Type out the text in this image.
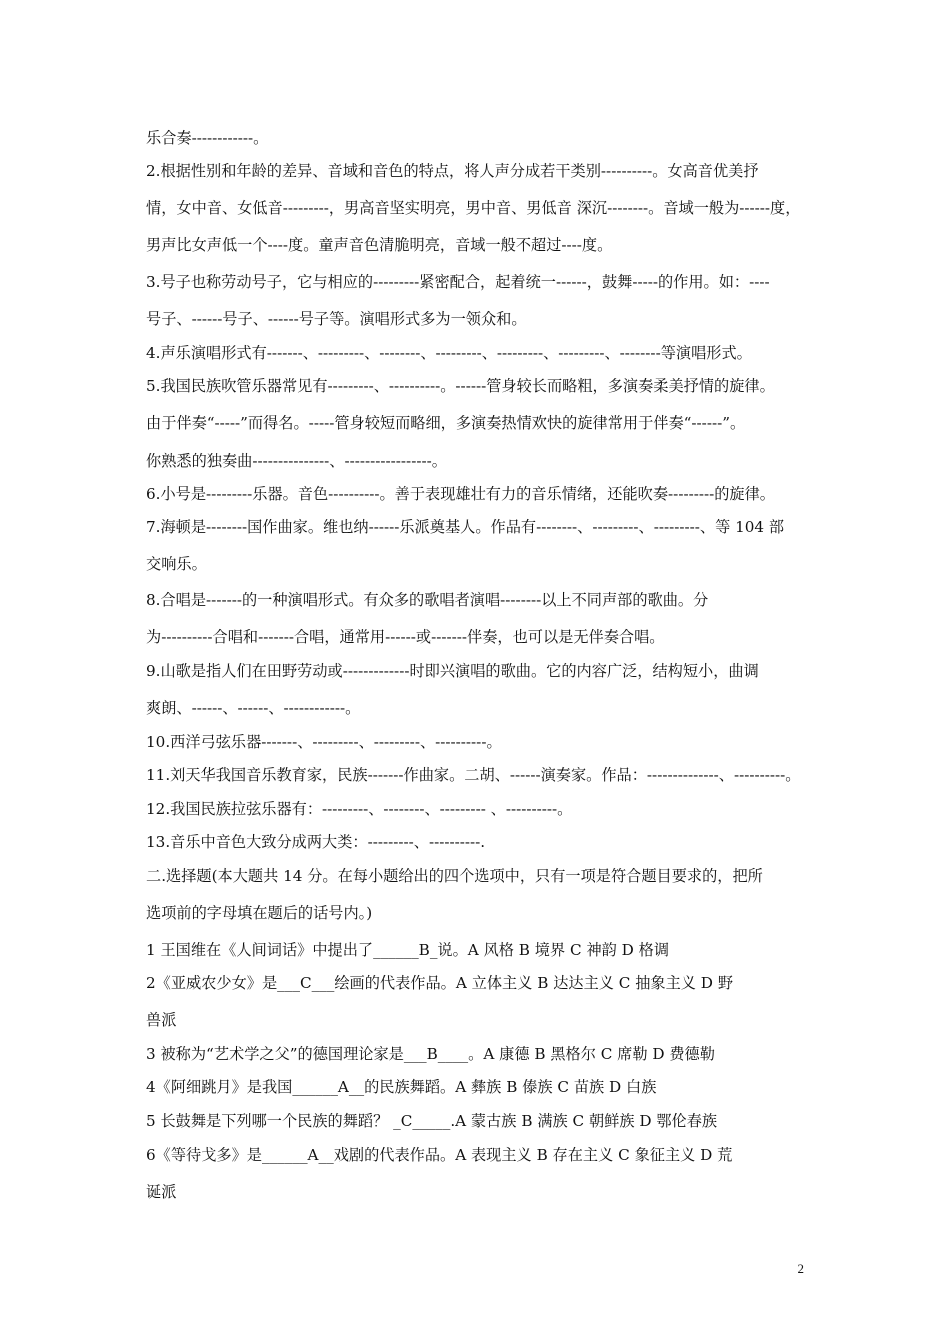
乐合奏------------。
2.根据性别和年龄的差异、音域和音色的特点，将人声分成若干类别----------。女高音优美抒
情，女中音、女低音---------，男高音坚实明亮，男中音、男低音 深沉--------。音域一般为------度，
男声比女声低一个----度。童声音色清脆明亮，音域一般不超过----度。
3.号子也称劳动号子，它与相应的---------紧密配合，起着统一------，鼓舞-----的作用。如：----
号子、------号子、------号子等。演唱形式多为一领众和。
4.声乐演唱形式有-------、---------、--------、---------、---------、---------、--------等演唱形式。
5.我国民族吹管乐器常见有---------、----------。------管身较长而略粗，多演奏柔美抒情的旋律。
由于伴奏“-----”而得名。-----管身较短而略细，多演奏热情欢快的旋律常用于伴奏“------”。
你熟悉的独奏曲---------------、-----------------。
6.小号是---------乐器。音色----------。善于表现雄壮有力的音乐情绪，还能吹奏---------的旋律。
7.海顿是--------国作曲家。维也纳------乐派奠基人。作品有--------、---------、---------、等 104 部
交响乐。
8.合唱是-------的一种演唱形式。有众多的歌唱者演唱--------以上不同声部的歌曲。分
为----------合唱和-------合唱，通常用------或-------伴奏，也可以是无伴奏合唱。
9.山歌是指人们在田野劳动或-------------时即兴演唱的歌曲。它的内容广泛，结构短小，曲调
爽朗、------、------、------------。
10.西洋弓弦乐器-------、---------、---------、----------。
11.刘天华我国音乐教育家，民族-------作曲家。二胡、------演奏家。作品：--------------、----------。
12.我国民族拉弦乐器有：---------、--------、--------- 、----------。
13.音乐中音色大致分成两大类：---------、----------.
二.选择题(本大题共 14 分。在每小题给出的四个选项中，只有一项是符合题目要求的，把所
选项前的字母填在题后的话号内。)
1 王国维在《人间词话》中提出了______B_说。A 风格 B 境界 C 神韵 D 格调
2《亚威农少女》是___C___绘画的代表作品。A 立体主义 B 达达主义 C 抽象主义 D 野
兽派
3 被称为“艺术学之父”的德国理论家是___B____。A 康德 B 黑格尔 C 席勒 D 费德勒
4《阿细跳月》是我国______A__的民族舞蹈。A 彝族 B 傣族 C 苗族 D 白族
5 长鼓舞是下列哪一个民族的舞蹈？ _C_____.A 蒙古族 B 满族 C 朝鲜族 D 鄂伦春族
6《等待戈多》是______A__戏剧的代表作品。A 表现主义 B 存在主义 C 象征主义 D 荒
诞派
2
